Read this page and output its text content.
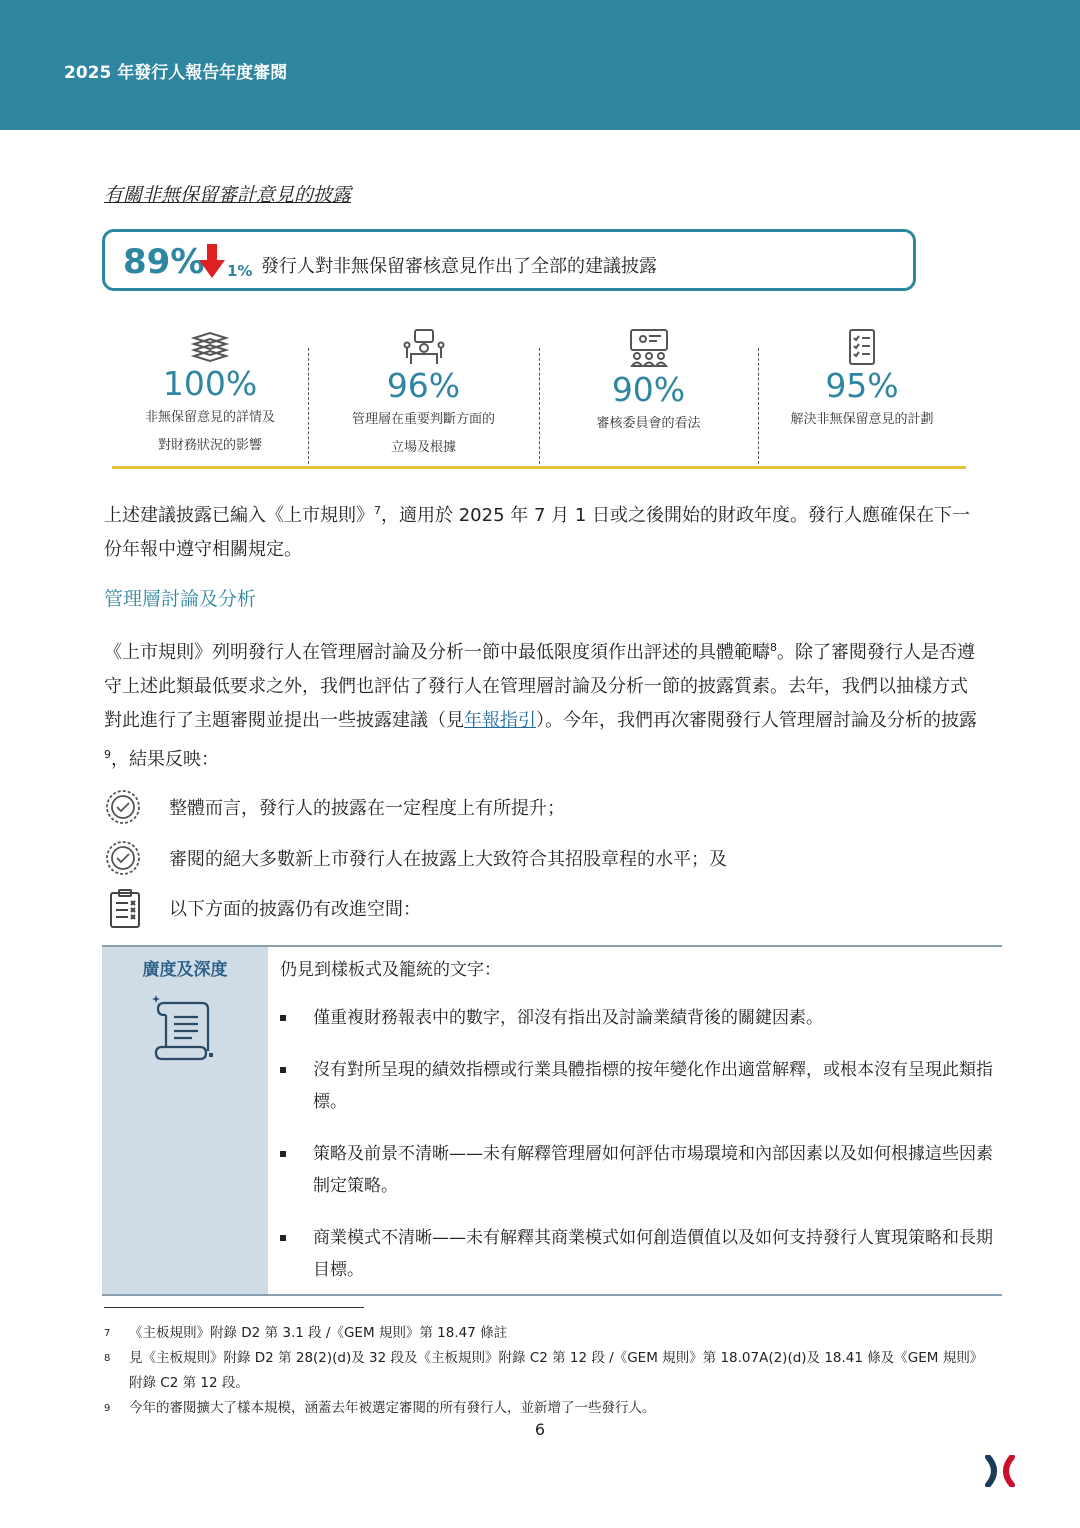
2025 年發行人報告年度審閱
有關非無保留審計意見的披露
89% 1% 發行人對非無保留審核意見作出了全部的建議披露
100%
非無保留意見的詳情及
對財務狀況的影響
96%
管理層在重要判斷方面的
立場及根據
90%
審核委員會的看法
95%
解決非無保留意見的計劃
上述建議披露已編入《上市規則》$^7$，適用於 2025 年 7 月 1 日或之後開始的財政年度。發行人應確保在下一份年報中遵守相關規定。
管理層討論及分析
《上市規則》列明發行人在管理層討論及分析一節中最低限度須作出評述的具體範疇$^8$。除了審閱發行人是否遵守上述此類最低要求之外，我們也評估了發行人在管理層討論及分析一節的披露質素。去年，我們以抽樣方式對此進行了主題審閱並提出一些披露建議（見年報指引）。今年，我們再次審閱發行人管理層討論及分析的披露$^9$，結果反映：
整體而言，發行人的披露在一定程度上有所提升；
審閱的絕大多數新上市發行人在披露上大致符合其招股章程的水平；及
以下方面的披露仍有改進空間：
廣度及深度	仍見到樣板式及籠統的文字：
僅重複財務報表中的數字，卻沒有指出及討論業績背後的關鍵因素。
沒有對所呈現的績效指標或行業具體指標的按年變化作出適當解釋，或根本沒有呈現此類指標。
策略及前景不清晰——未有解釋管理層如何評估市場環境和內部因素以及如何根據這些因素制定策略。
商業模式不清晰——未有解釋其商業模式如何創造價值以及如何支持發行人實現策略和長期目標。
7 《主板規則》附錄 D2 第 3.1 段 /《GEM 規則》第 18.47 條註
8 見《主板規則》附錄 D2 第 28(2)(d)及 32 段及《主板規則》附錄 C2 第 12 段 /《GEM 規則》第 18.07A(2)(d)及 18.41 條及《GEM 規則》附錄 C2 第 12 段。
9 今年的審閱擴大了樣本規模，涵蓋去年被選定審閱的所有發行人，並新增了一些發行人。
6
